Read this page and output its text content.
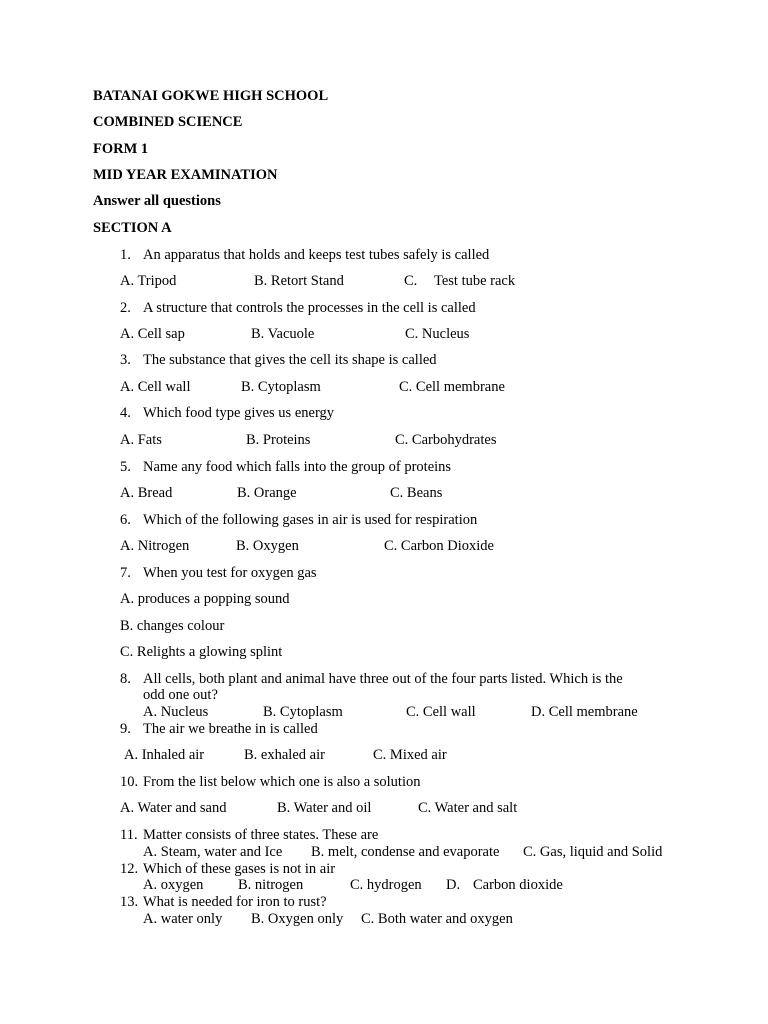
BATANAI GOKWE HIGH SCHOOL
COMBINED SCIENCE
FORM 1
MID YEAR EXAMINATION
Answer all questions
SECTION A
1. An apparatus that holds and keeps test tubes safely is called
A. Tripod	B. Retort Stand	C. Test tube rack
2. A structure that controls the processes in the cell is called
A. Cell sap	B. Vacuole	C. Nucleus
3. The substance that gives the cell its shape is called
A. Cell wall	B. Cytoplasm	C. Cell membrane
4. Which food type gives us energy
A. Fats	B. Proteins	C. Carbohydrates
5. Name any food which falls into the group of proteins
A. Bread	B. Orange	C. Beans
6. Which of the following gases in air is used for respiration
A. Nitrogen	B. Oxygen	C. Carbon Dioxide
7. When you test for oxygen gas
A. produces a popping sound
B. changes colour
C. Relights a glowing splint
8. All cells, both plant and animal have three out of the four parts listed. Which is the
odd one out?
A. Nucleus	B. Cytoplasm	C. Cell wall	D. Cell membrane
9. The air we breathe in is called
A. Inhaled air	B. exhaled air	C. Mixed air
10. From the list below which one is also a solution
A. Water and sand	B. Water and oil	C. Water and salt
11. Matter consists of three states. These are
A. Steam, water and Ice B. melt, condense and evaporate C. Gas, liquid and Solid
12. Which of these gases is not in air
A. oxygen B. nitrogen	C. hydrogen D. Carbon dioxide
13. What is needed for iron to rust?
A. water only B. Oxygen only C. Both water and oxygen
